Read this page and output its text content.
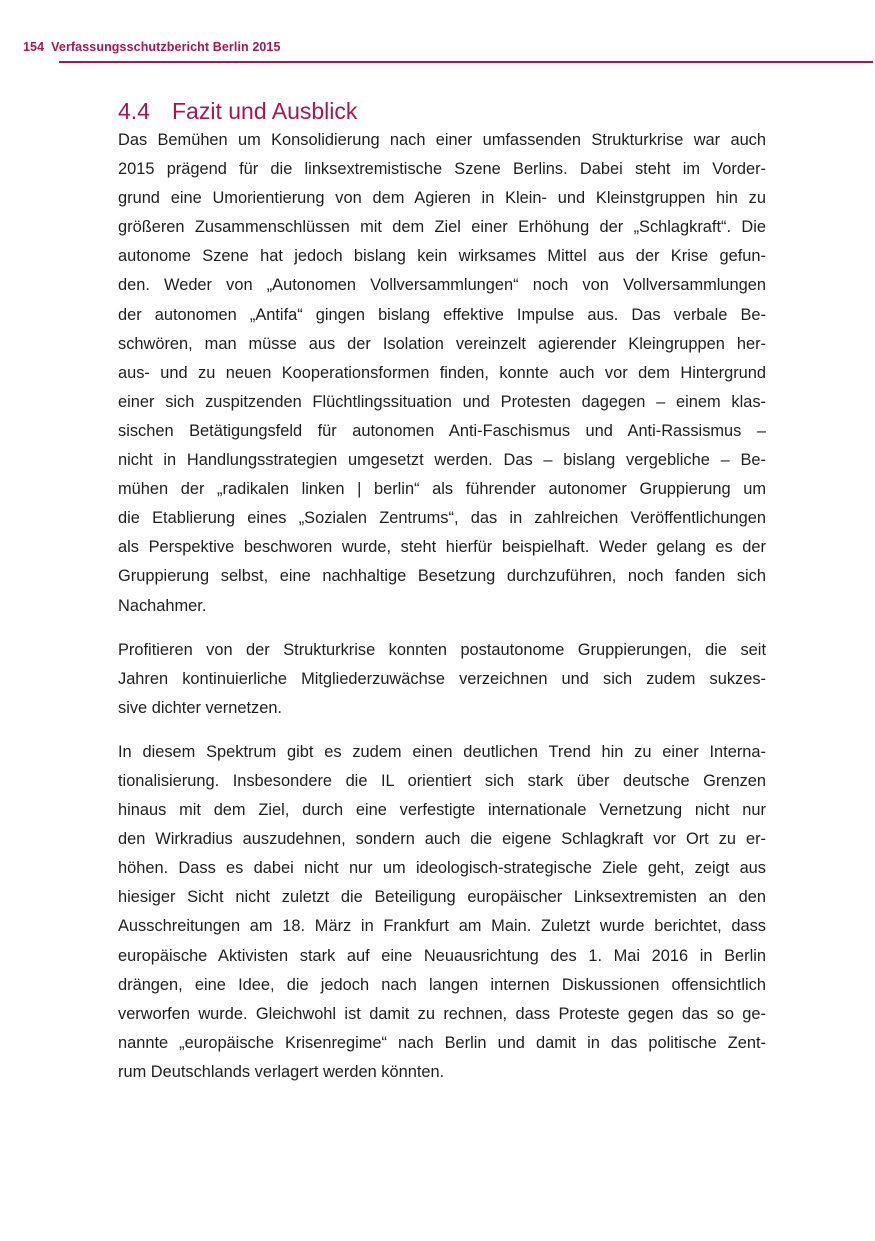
154 Verfassungsschutzbericht Berlin 2015
4.4 Fazit und Ausblick

Das Bemühen um Konsolidierung nach einer umfassenden Strukturkrise war auch
2015 prägend für die linksextremistische Szene Berlins. Dabei steht im Vorder-
grund eine Umorientierung von dem Agieren in Klein- und Kleinstgruppen hin zu
größeren Zusammenschlüssen mit dem Ziel einer Erhöhung der „Schlagkraft“. Die
autonome Szene hat jedoch bislang kein wirksames Mittel aus der Krise gefun-
den. Weder von „Autonomen Vollversammlungen“ noch von Vollversammlungen
der autonomen „Antifa“ gingen bislang effektive Impulse aus. Das verbale Be-
schwören, man müsse aus der Isolation vereinzelt agierender Kleingruppen her-
aus- und zu neuen Kooperationsformen finden, konnte auch vor dem Hintergrund
einer sich zuspitzenden Flüchtlingssituation und Protesten dagegen – einem klas-
sischen Betätigungsfeld für autonomen Anti-Faschismus und Anti-Rassismus –
nicht in Handlungsstrategien umgesetzt werden. Das – bislang vergebliche – Be-
mühen der „radikalen linken | berlin“ als führender autonomer Gruppierung um
die Etablierung eines „Sozialen Zentrums“, das in zahlreichen Veröffentlichungen
als Perspektive beschworen wurde, steht hierfür beispielhaft. Weder gelang es der
Gruppierung selbst, eine nachhaltige Besetzung durchzuführen, noch fanden sich
Nachahmer.

Profitieren von der Strukturkrise konnten postautonome Gruppierungen, die seit
Jahren kontinuierliche Mitgliederzuwächse verzeichnen und sich zudem sukzes-
sive dichter vernetzen.

In diesem Spektrum gibt es zudem einen deutlichen Trend hin zu einer Interna-
tionalisierung. Insbesondere die IL orientiert sich stark über deutsche Grenzen
hinaus mit dem Ziel, durch eine verfestigte internationale Vernetzung nicht nur
den Wirkradius auszudehnen, sondern auch die eigene Schlagkraft vor Ort zu er-
höhen. Dass es dabei nicht nur um ideologisch-strategische Ziele geht, zeigt aus
hiesiger Sicht nicht zuletzt die Beteiligung europäischer Linksextremisten an den
Ausschreitungen am 18. März in Frankfurt am Main. Zuletzt wurde berichtet, dass
europäische Aktivisten stark auf eine Neuausrichtung des 1. Mai 2016 in Berlin
drängen, eine Idee, die jedoch nach langen internen Diskussionen offensichtlich
verworfen wurde. Gleichwohl ist damit zu rechnen, dass Proteste gegen das so ge-
nannte „europäische Krisenregime“ nach Berlin und damit in das politische Zent-
rum Deutschlands verlagert werden könnten.
